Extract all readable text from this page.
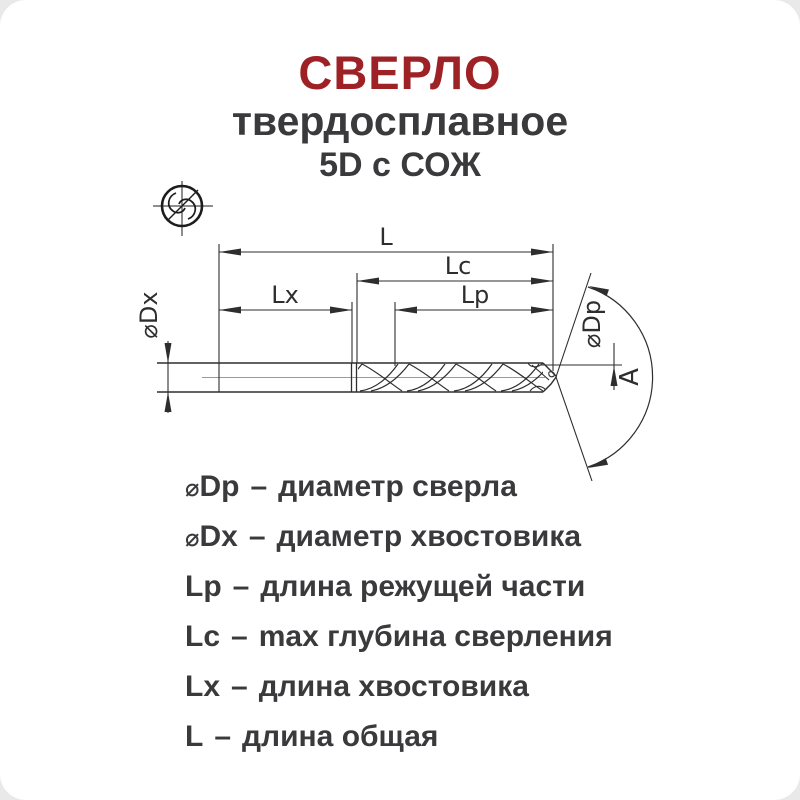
СВЕРЛО
твердосплавное
5D с СОЖ
L
Lc
Lx	Lp
⌀Dx	⌀Dp
A
⌀Dp – диаметр сверла
⌀Dx – диаметр хвостовика
Lp – длина режущей части
Lc – max глубина сверления
Lx – длина хвостовика
L – длина общая
